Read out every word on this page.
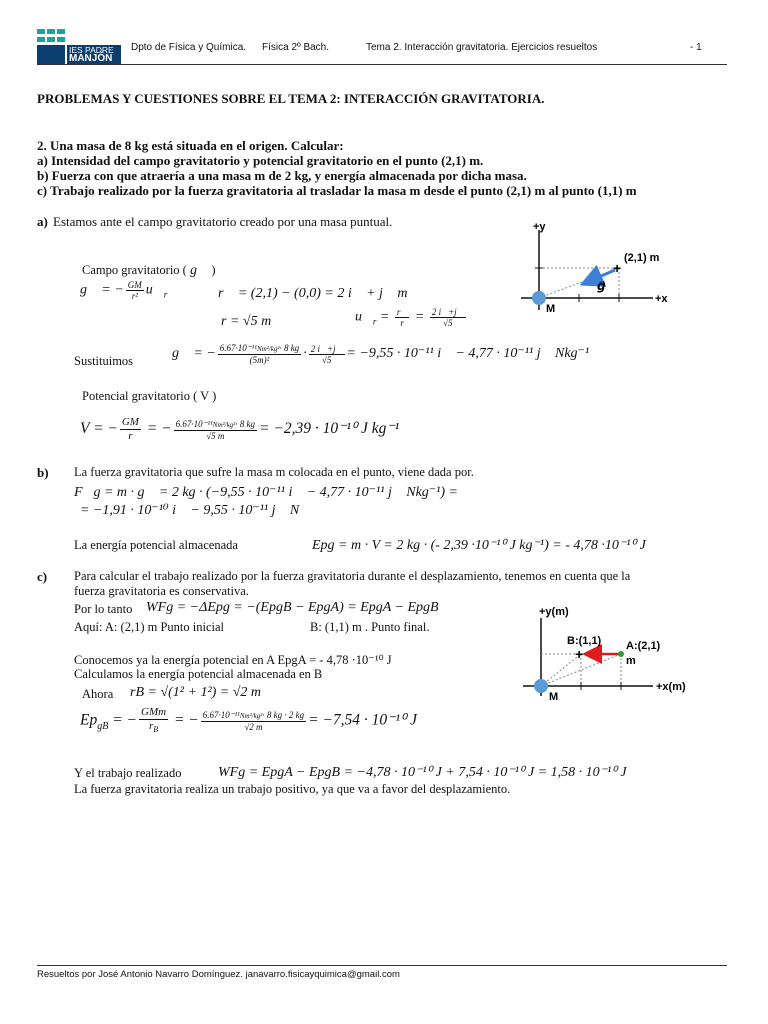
IES PADRE
MANJÓN
Dpto de Física y Química. Física 2º Bach.	Tema 2. Interacción gravitatoria. Ejercicios resueltos	- 1
PROBLEMAS Y CUESTIONES SOBRE EL TEMA 2: INTERACCIÓN GRAVITATORIA.
2. Una masa de 8 kg está situada en el origen. Calcular:
a) Intensidad del campo gravitatorio y potencial gravitatorio en el punto (2,1) m.
b) Fuerza con que atraería a una masa m de 2 kg, y energía almacenada por dicha masa.
c) Trabajo realizado por la fuerza gravitatoria al trasladar la masa m desde el punto (2,1) m al punto (1,1) m
a) Estamos ante el campo gravitatorio creado por una masa puntual.
Campo gravitatorio ( g⃗ )
g⃗ = − $\frac{GM}{\text{r²}}$ $u⃗_r$	r⃗ = (2,1) − (0,0) = 2 i⃗ + j⃗ m
r = √5 m	$u⃗_r = \frac{r⃗}{r} = \frac{2 i⃗+j⃗}{√5}$
Sustituimos	g⃗ = − $\frac{\text{6.67·10⁻¹¹Nm²/kg²· 8 kg}}{\text{(5m)²}} \cdot \frac{2 i⃗+j⃗}{√5} = -9,55 \cdot 10^{-11}$ i⃗ − 4,77 · 10⁻¹¹ j⃗ Nkg⁻¹
Potencial gravitatorio ( V )
V = − $\frac{GM}{r}$ = − $\frac{\text{6.67·10⁻¹¹Nm²/kg²· 8 kg}}{√5 m} = -2,39 \cdot 10^{-10}$ J kg⁻¹
b) La fuerza gravitatoria que sufre la masa m colocada en el punto, viene dada por.
F⃗g = m · g⃗ = 2 kg · (−9,55 · 10⁻¹¹ i⃗ − 4,77 · 10⁻¹¹ j⃗ Nkg⁻¹) =
= −1,91 · 10⁻¹⁰ i⃗ − 9,55 · 10⁻¹¹ j⃗ N
La energía potencial almacenada	Epg = m · V = 2 kg · (- 2,39 ·10⁻¹⁰ J kg⁻¹) = - 4,78 ·10⁻¹⁰ J
c) Para calcular el trabajo realizado por la fuerza gravitatoria durante el desplazamiento, tenemos en cuenta que la
fuerza gravitatoria es conservativa.
Por lo tanto WFg = −ΔEpg = −(EpgB − EpgA) = EpgA − EpgB
Aquí: A: (2,1) m Punto inicial	B: (1,1) m . Punto final.
Conocemos ya la energía potencial en A EpgA = - 4,78 ·10⁻¹⁰ J
Calculamos la energía potencial almacenada en B
Ahora rB = √(1² + 1²) = √2 m
$Ep_{gB}$ = − $\frac{\text{GMm}}{r_B}$ = − $\frac{\text{6.67·10⁻¹¹Nm²/kg²· 8 kg · 2 kg}}{√2 m} = -7,54 \cdot 10^{-10}$ J
Y el trabajo realizado	WFg = EpgA − EpgB = −4,78 · 10⁻¹⁰ J + 7,54 · 10⁻¹⁰ J = 1,58 · 10⁻¹⁰ J
La fuerza gravitatoria realiza un trabajo positivo, ya que va a favor del desplazamiento.
+
+y
+x
(2,1) m
g⃗
M
+
+y(m)
+x(m)
B:(1,1) A:(2,1)
m
M
Resueltos por José Antonio Navarro Domínguez. janavarro.fisicayquimica@gmail.com
